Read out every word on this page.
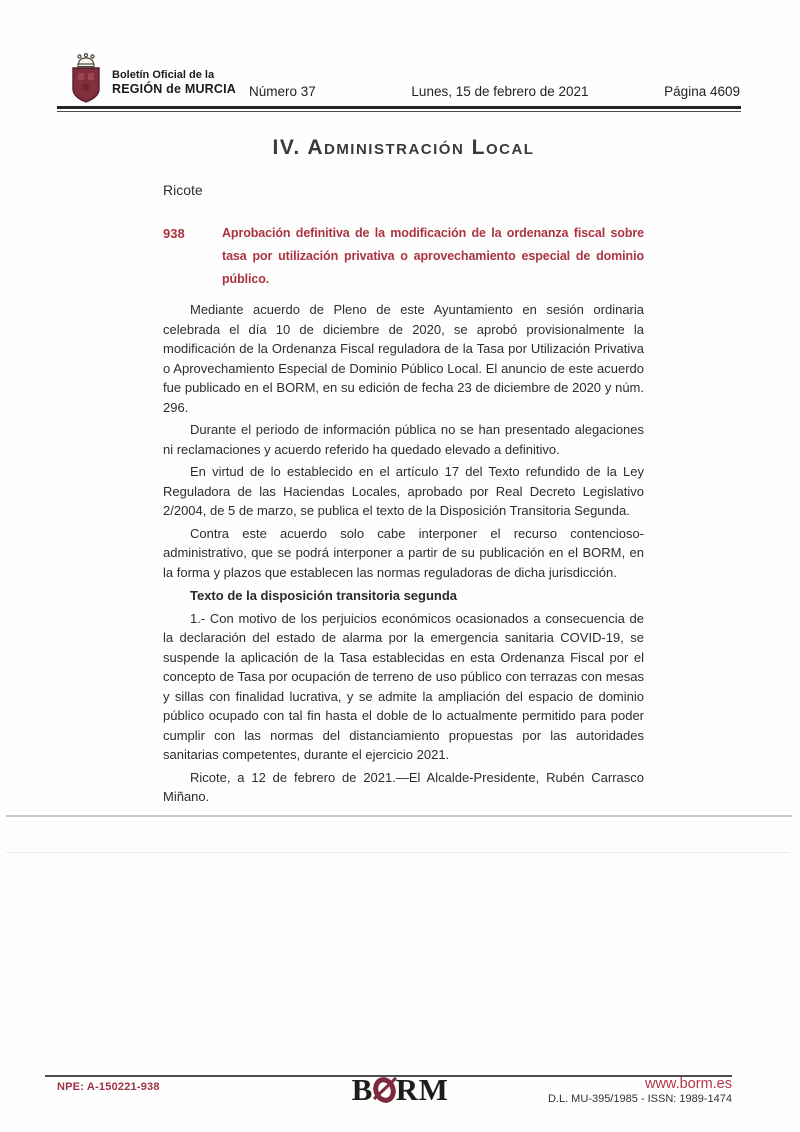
Boletín Oficial de la
REGIÓN de MURCIA Número 37	Lunes, 15 de febrero de 2021	Página 4609
IV. Administración Local
Ricote
938	Aprobación definitiva de la modificación de la ordenanza fiscal sobre tasa por utilización privativa o aprovechamiento especial de dominio público.

Mediante acuerdo de Pleno de este Ayuntamiento en sesión ordinaria celebrada el día 10 de diciembre de 2020, se aprobó provisionalmente la modificación de la Ordenanza Fiscal reguladora de la Tasa por Utilización Privativa o Aprovechamiento Especial de Dominio Público Local. El anuncio de este acuerdo fue publicado en el BORM, en su edición de fecha 23 de diciembre de 2020 y núm. 296.

Durante el periodo de información pública no se han presentado alegaciones ni reclamaciones y acuerdo referido ha quedado elevado a definitivo.

En virtud de lo establecido en el artículo 17 del Texto refundido de la Ley Reguladora de las Haciendas Locales, aprobado por Real Decreto Legislativo 2/2004, de 5 de marzo, se publica el texto de la Disposición Transitoria Segunda.

Contra este acuerdo solo cabe interponer el recurso contencioso-administrativo, que se podrá interponer a partir de su publicación en el BORM, en la forma y plazos que establecen las normas reguladoras de dicha jurisdicción.

Texto de la disposición transitoria segunda

1.- Con motivo de los perjuicios económicos ocasionados a consecuencia de la declaración del estado de alarma por la emergencia sanitaria COVID-19, se suspende la aplicación de la Tasa establecidas en esta Ordenanza Fiscal por el concepto de Tasa por ocupación de terreno de uso público con terrazas con mesas y sillas con finalidad lucrativa, y se admite la ampliación del espacio de dominio público ocupado con tal fin hasta el doble de lo actualmente permitido para poder cumplir con las normas del distanciamiento propuestas por las autoridades sanitarias competentes, durante el ejercicio 2021.

Ricote, a 12 de febrero de 2021.—El Alcalde-Presidente, Rubén Carrasco Miñano.

NPE: A-150221-938	B RM	www.borm.es
D.L. MU-395/1985 - ISSN: 1989-1474
